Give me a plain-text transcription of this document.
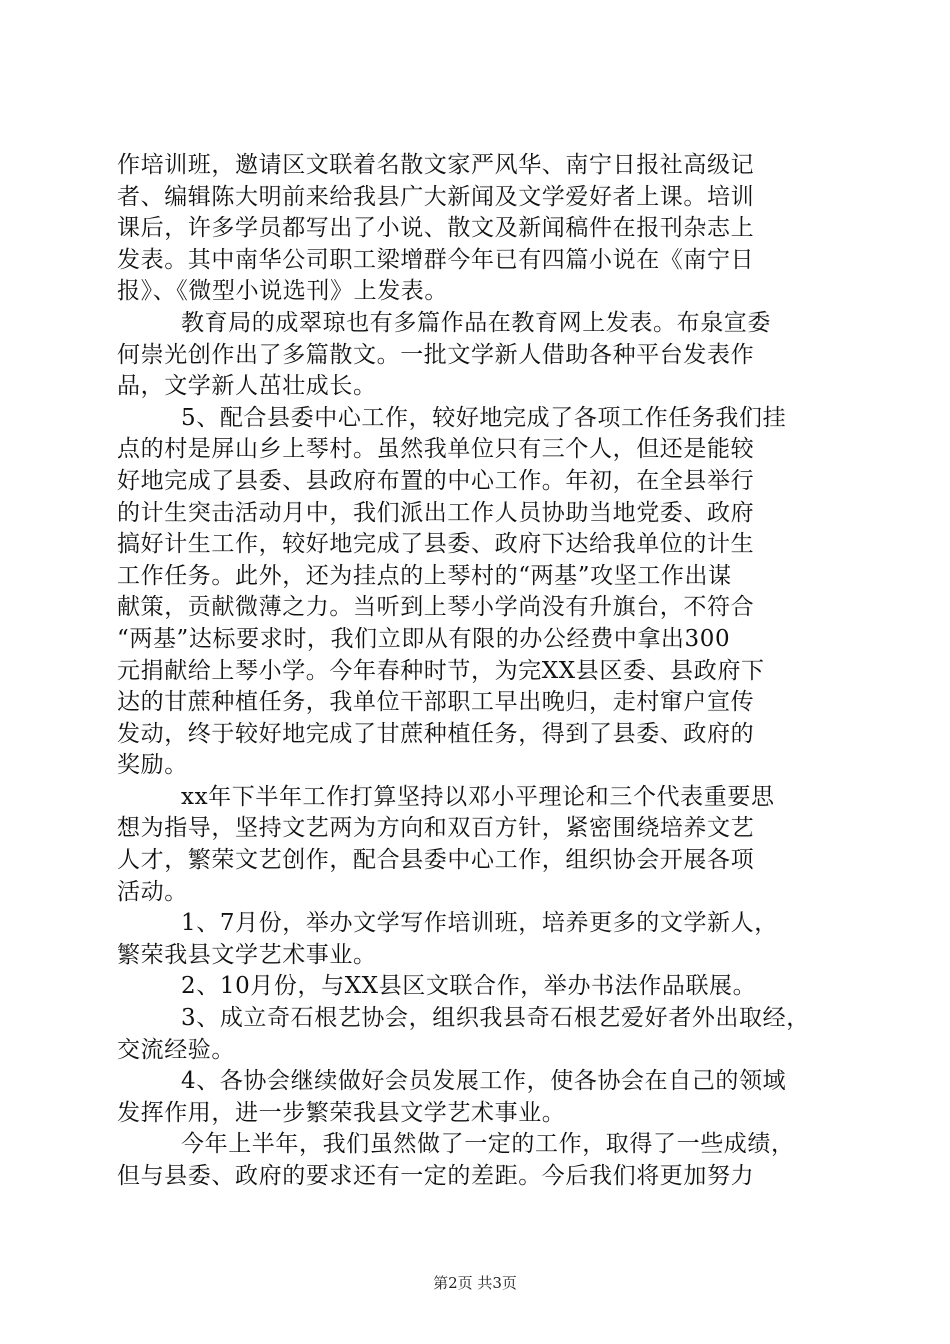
作培训班，邀请区文联着名散文家严风华、南宁日报社高级记
者、编辑陈大明前来给我县广大新闻及文学爱好者上课。培训
课后，许多学员都写出了小说、散文及新闻稿件在报刊杂志上
发表。其中南华公司职工梁增群今年已有四篇小说在《南宁日
报》、《微型小说选刊》上发表。
教育局的成翠琼也有多篇作品在教育网上发表。布泉宣委
何崇光创作出了多篇散文。一批文学新人借助各种平台发表作
品，文学新人茁壮成长。
5、配合县委中心工作，较好地完成了各项工作任务我们挂
点的村是屏山乡上琴村。虽然我单位只有三个人，但还是能较
好地完成了县委、县政府布置的中心工作。年初，在全县举行
的计生突击活动月中，我们派出工作人员协助当地党委、政府
搞好计生工作，较好地完成了县委、政府下达给我单位的计生
工作任务。此外，还为挂点的上琴村的“两基”攻坚工作出谋
献策，贡献微薄之力。当听到上琴小学尚没有升旗台，不符合
“两基”达标要求时，我们立即从有限的办公经费中拿出300
元捐献给上琴小学。今年春种时节，为完XX县区委、县政府下
达的甘蔗种植任务，我单位干部职工早出晚归，走村窜户宣传
发动，终于较好地完成了甘蔗种植任务，得到了县委、政府的
奖励。
xx年下半年工作打算坚持以邓小平理论和三个代表重要思
想为指导，坚持文艺两为方向和双百方针，紧密围绕培养文艺
人才，繁荣文艺创作，配合县委中心工作，组织协会开展各项
活动。
1、7月份，举办文学写作培训班，培养更多的文学新人，
繁荣我县文学艺术事业。
2、10月份，与XX县区文联合作，举办书法作品联展。
3、成立奇石根艺协会，组织我县奇石根艺爱好者外出取经，
交流经验。
4、各协会继续做好会员发展工作，使各协会在自己的领域
发挥作用，进一步繁荣我县文学艺术事业。
今年上半年，我们虽然做了一定的工作，取得了一些成绩，
但与县委、政府的要求还有一定的差距。今后我们将更加努力
第2页 共3页
